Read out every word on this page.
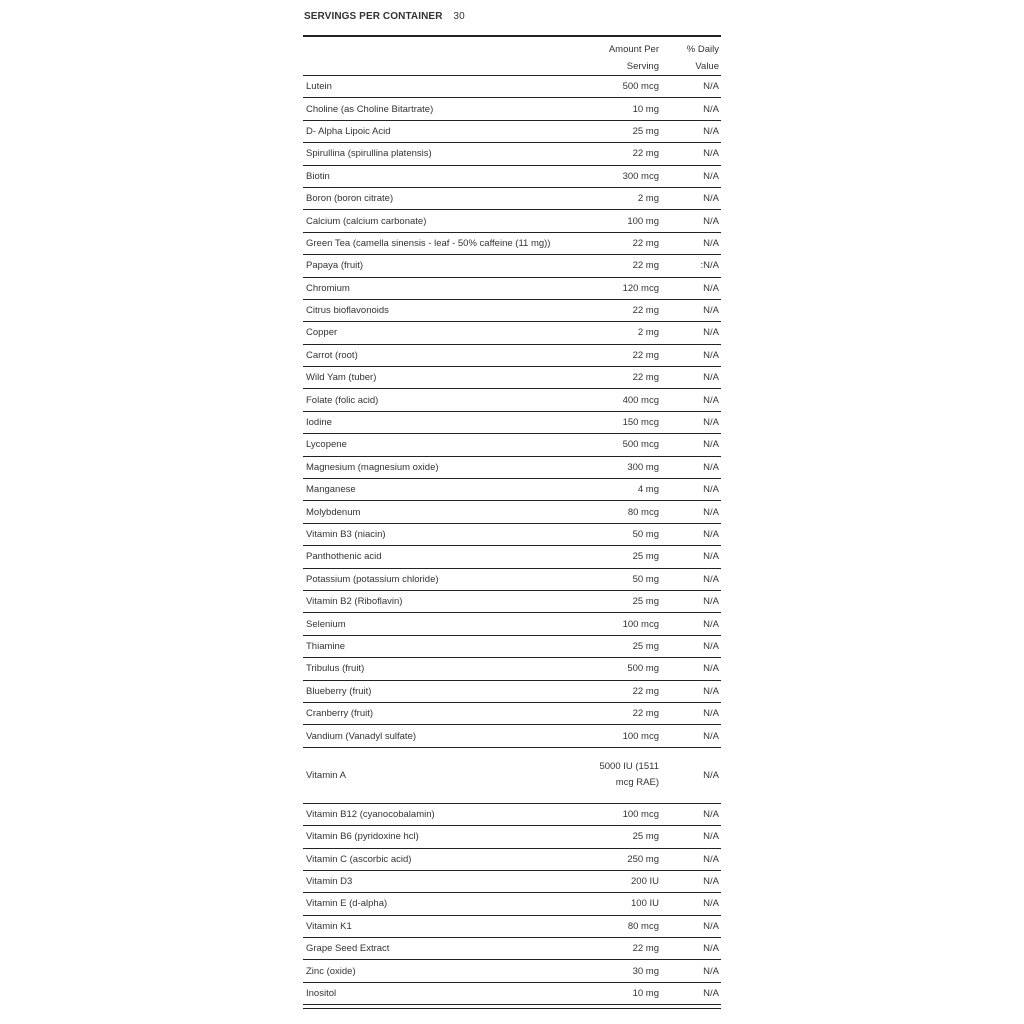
SERVINGS PER CONTAINER 30
	Amount Per Serving	% Daily Value
Lutein	500 mcg	N/A
Choline (as Choline Bitartrate)	10 mg	N/A
D- Alpha Lipoic Acid	25 mg	N/A
Spirullina (spirullina platensis)	22 mg	N/A
Biotin	300 mcg	N/A
Boron (boron citrate)	2 mg	N/A
Calcium (calcium carbonate)	100 mg	N/A
Green Tea (camella sinensis - leaf - 50% caffeine (11 mg))	22 mg	N/A
Papaya (fruit)	22 mg	:N/A
Chromium	120 mcg	N/A
Citrus bioflavonoids	22 mg	N/A
Copper	2 mg	N/A
Carrot (root)	22 mg	N/A
Wild Yam (tuber)	22 mg	N/A
Folate (folic acid)	400 mcg	N/A
Iodine	150 mcg	N/A
Lycopene	500 mcg	N/A
Magnesium (magnesium oxide)	300 mg	N/A
Manganese	4 mg	N/A
Molybdenum	80 mcg	N/A
Vitamin B3 (niacin)	50 mg	N/A
Panthothenic acid	25 mg	N/A
Potassium (potassium chloride)	50 mg	N/A
Vitamin B2 (Riboflavin)	25 mg	N/A
Selenium	100 mcg	N/A
Thiamine	25 mg	N/A
Tribulus (fruit)	500 mg	N/A
Blueberry (fruit)	22 mg	N/A
Cranberry (fruit)	22 mg	N/A
Vandium (Vanadyl sulfate)	100 mcg	N/A
Vitamin A	5000 IU (1511 mcg RAE)	N/A
Vitamin B12 (cyanocobalamin)	100 mcg	N/A
Vitamin B6 (pyridoxine hcl)	25 mg	N/A
Vitamin C (ascorbic acid)	250 mg	N/A
Vitamin D3	200 IU	N/A
Vitamin E (d-alpha)	100 IU	N/A
Vitamin K1	80 mcg	N/A
Grape Seed Extract	22 mg	N/A
Zinc (oxide)	30 mg	N/A
Inositol	10 mg	N/A
